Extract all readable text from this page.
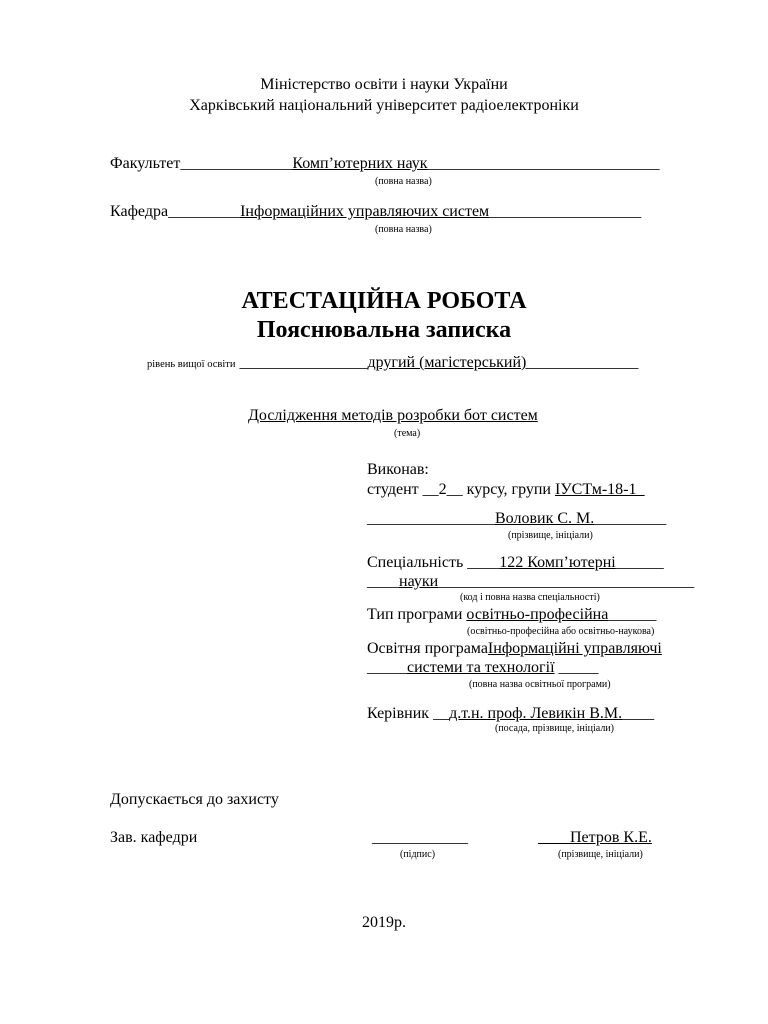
Міністерство освіти і науки України
Харківський національний університет радіоелектроніки
Факультет______________Комп’ютерних наук_____________________________
(повна назва)
Кафедра_________Інформаційних управляючих систем___________________
(повна назва)
АТЕСТАЦІЙНА РОБОТА
Пояснювальна записка
рівень вищої освіти ________________другий (магістерський)______________
Дослідження методів розробки бот систем
(тема)
Виконав:
студент __2__ курсу, групи ІУСТм-18-1_
________________Воловик С. М._________
(прізвище, ініціали)
Спеціальність ____122 Комп’ютерні______
____науки________________________________
(код і повна назва спеціальності)
Тип програми освітньо-професійна______
(освітньо-професійна або освітньо-наукова)
Освітня програмаІнформаційні управляючі
_____системи та технології _____
(повна назва освітньої програми)
Керівник __д.т.н. проф. Левикін В.М.____
(посада, прізвище, ініціали)
Допускається до захисту
Зав. кафедри	____________
(підпис)
____Петров К.Е.
(прізвище, ініціали)
2019р.
